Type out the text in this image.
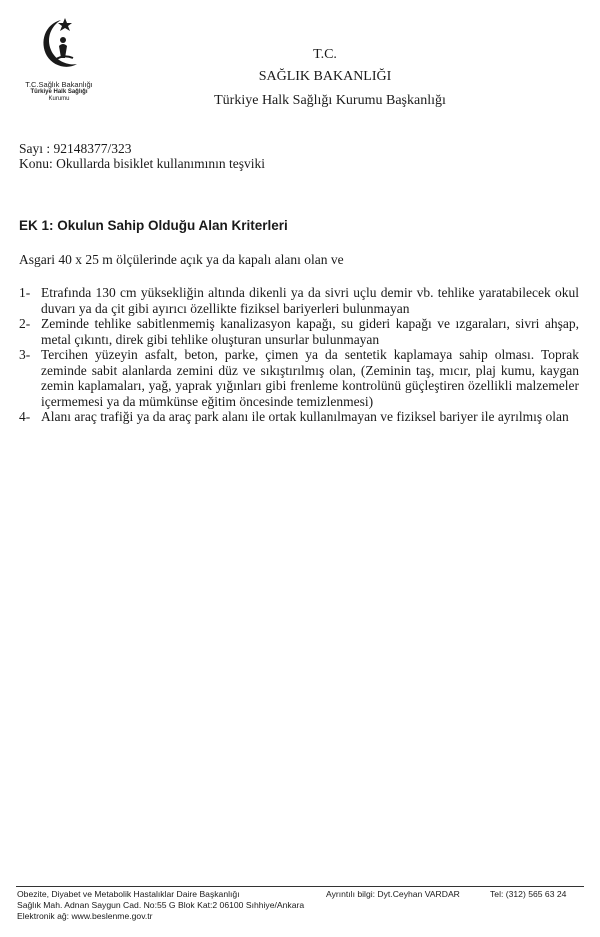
T.C.Sağlık Bakanlığı
Türkiye Halk Sağlığı
Kurumu
T.C.
SAĞLIK BAKANLIĞI
Türkiye Halk Sağlığı Kurumu Başkanlığı
Sayı : 92148377/323
Konu: Okullarda bisiklet kullanımının teşviki
EK 1: Okulun Sahip Olduğu Alan Kriterleri
Asgari 40 x 25 m ölçülerinde açık ya da kapalı alanı olan ve
1- Etrafında 130 cm yüksekliğin altında dikenli ya da sivri uçlu demir vb. tehlike yaratabilecek okul duvarı ya da çit gibi ayırıcı özellikte fiziksel bariyerleri bulunmayan
2- Zeminde tehlike sabitlenmemiş kanalizasyon kapağı, su gideri kapağı ve ızgaraları, sivri ahşap, metal çıkıntı, direk gibi tehlike oluşturan unsurlar bulunmayan
3- Tercihen yüzeyin asfalt, beton, parke, çimen ya da sentetik kaplamaya sahip olması. Toprak zeminde sabit alanlarda zemini düz ve sıkıştırılmış olan, (Zeminin taş, mıcır, plaj kumu, kaygan zemin kaplamaları, yağ, yaprak yığınları gibi frenleme kontrolünü güçleştiren özellikli malzemeler içermemesi ya da mümkünse eğitim öncesinde temizlenmesi)
4- Alanı araç trafiği ya da araç park alanı ile ortak kullanılmayan ve fiziksel bariyer ile ayrılmış olan
Obezite, Diyabet ve Metabolik Hastalıklar Daire Başkanlığı
Sağlık Mah. Adnan Saygun Cad. No:55 G Blok Kat:2 06100 Sıhhiye/Ankara
Elektronik ağ: www.beslenme.gov.tr
Ayrıntılı bilgi: Dyt.Ceyhan VARDAR	Tel: (312) 565 63 24
